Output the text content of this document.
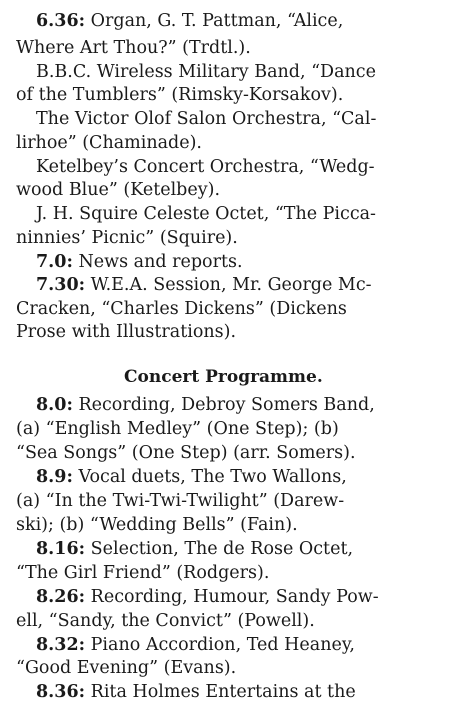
6.36: Organ, G. T. Pattman, “Alice,
Where Art Thou?” (Trdtl.).
B.B.C. Wireless Military Band, “Dance
of the Tumblers” (Rimsky-Korsakov).
The Victor Olof Salon Orchestra, “Cal-
lirhoe” (Chaminade).
Ketelbey’s Concert Orchestra, “Wedg-
wood Blue” (Ketelbey).
J. H. Squire Celeste Octet, “The Picca-
ninnies’ Picnic” (Squire).
7.0: News and reports.
7.30: W.E.A. Session, Mr. George Mc-
Cracken, “Charles Dickens” (Dickens
Prose with Illustrations).
Concert Programme.
8.0: Recording, Debroy Somers Band,
(a) “English Medley” (One Step); (b)
“Sea Songs” (One Step) (arr. Somers).
8.9: Vocal duets, The Two Wallons,
(a) “In the Twi-Twi-Twilight” (Darew-
ski); (b) “Wedding Bells” (Fain).
8.16: Selection, The de Rose Octet,
“The Girl Friend” (Rodgers).
8.26: Recording, Humour, Sandy Pow-
ell, “Sandy, the Convict” (Powell).
8.32: Piano Accordion, Ted Heaney,
“Good Evening” (Evans).
8.36: Rita Holmes Entertains at the
